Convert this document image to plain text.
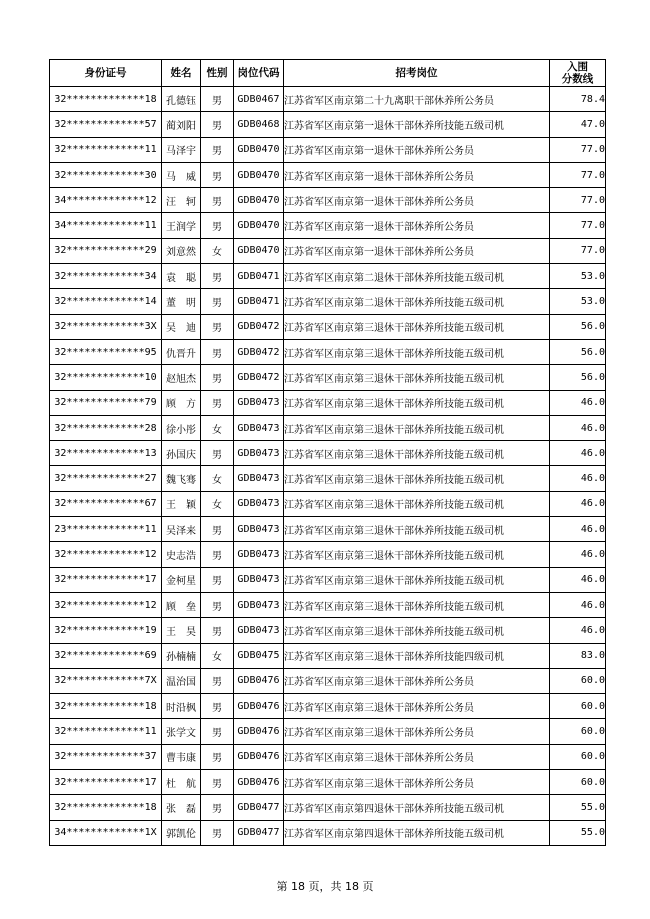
身份证号	姓名	性别	岗位代码	招考岗位	入围
分数线

32*************18	孔德钰	男	GDB0467	江苏省军区南京第二十九离职干部休养所公务员	78.4
32*************57	蔺刘阳	男	GDB0468	江苏省军区南京第一退休干部休养所技能五级司机	47.0
32*************11	马泽宇	男	GDB0470	江苏省军区南京第一退休干部休养所公务员	77.0
32*************30	马　威	男	GDB0470	江苏省军区南京第一退休干部休养所公务员	77.0
34*************12	汪　轲	男	GDB0470	江苏省军区南京第一退休干部休养所公务员	77.0
34*************11	王润学	男	GDB0470	江苏省军区南京第一退休干部休养所公务员	77.0
32*************29	刘意然	女	GDB0470	江苏省军区南京第一退休干部休养所公务员	77.0
32*************34	袁　聪	男	GDB0471	江苏省军区南京第二退休干部休养所技能五级司机	53.0
32*************14	董　明	男	GDB0471	江苏省军区南京第二退休干部休养所技能五级司机	53.0
32*************3X	吴　迪	男	GDB0472	江苏省军区南京第三退休干部休养所技能五级司机	56.0
32*************95	仇晋升	男	GDB0472	江苏省军区南京第三退休干部休养所技能五级司机	56.0
32*************10	赵旭杰	男	GDB0472	江苏省军区南京第三退休干部休养所技能五级司机	56.0
32*************79	顾　方	男	GDB0473	江苏省军区南京第三退休干部休养所技能五级司机	46.0
32*************28	徐小彤	女	GDB0473	江苏省军区南京第三退休干部休养所技能五级司机	46.0
32*************13	孙国庆	男	GDB0473	江苏省军区南京第三退休干部休养所技能五级司机	46.0
32*************27	魏飞骞	女	GDB0473	江苏省军区南京第三退休干部休养所技能五级司机	46.0
32*************67	王　颖	女	GDB0473	江苏省军区南京第三退休干部休养所技能五级司机	46.0
23*************11	吴泽来	男	GDB0473	江苏省军区南京第三退休干部休养所技能五级司机	46.0
32*************12	史志浩	男	GDB0473	江苏省军区南京第三退休干部休养所技能五级司机	46.0
32*************17	金柯星	男	GDB0473	江苏省军区南京第三退休干部休养所技能五级司机	46.0
32*************12	顾　垒	男	GDB0473	江苏省军区南京第三退休干部休养所技能五级司机	46.0
32*************19	王　昊	男	GDB0473	江苏省军区南京第三退休干部休养所技能五级司机	46.0
32*************69	孙楠楠	女	GDB0475	江苏省军区南京第三退休干部休养所技能四级司机	83.0
32*************7X	温治国	男	GDB0476	江苏省军区南京第三退休干部休养所公务员	60.0
32*************18	时沿枫	男	GDB0476	江苏省军区南京第三退休干部休养所公务员	60.0
32*************11	张学文	男	GDB0476	江苏省军区南京第三退休干部休养所公务员	60.0
32*************37	曹韦康	男	GDB0476	江苏省军区南京第三退休干部休养所公务员	60.0
32*************17	杜　航	男	GDB0476	江苏省军区南京第三退休干部休养所公务员	60.0
32*************18	张　磊	男	GDB0477	江苏省军区南京第四退休干部休养所技能五级司机	55.0
34*************1X	郭凯伦	男	GDB0477	江苏省军区南京第四退休干部休养所技能五级司机	55.0
第 18 页，共 18 页
